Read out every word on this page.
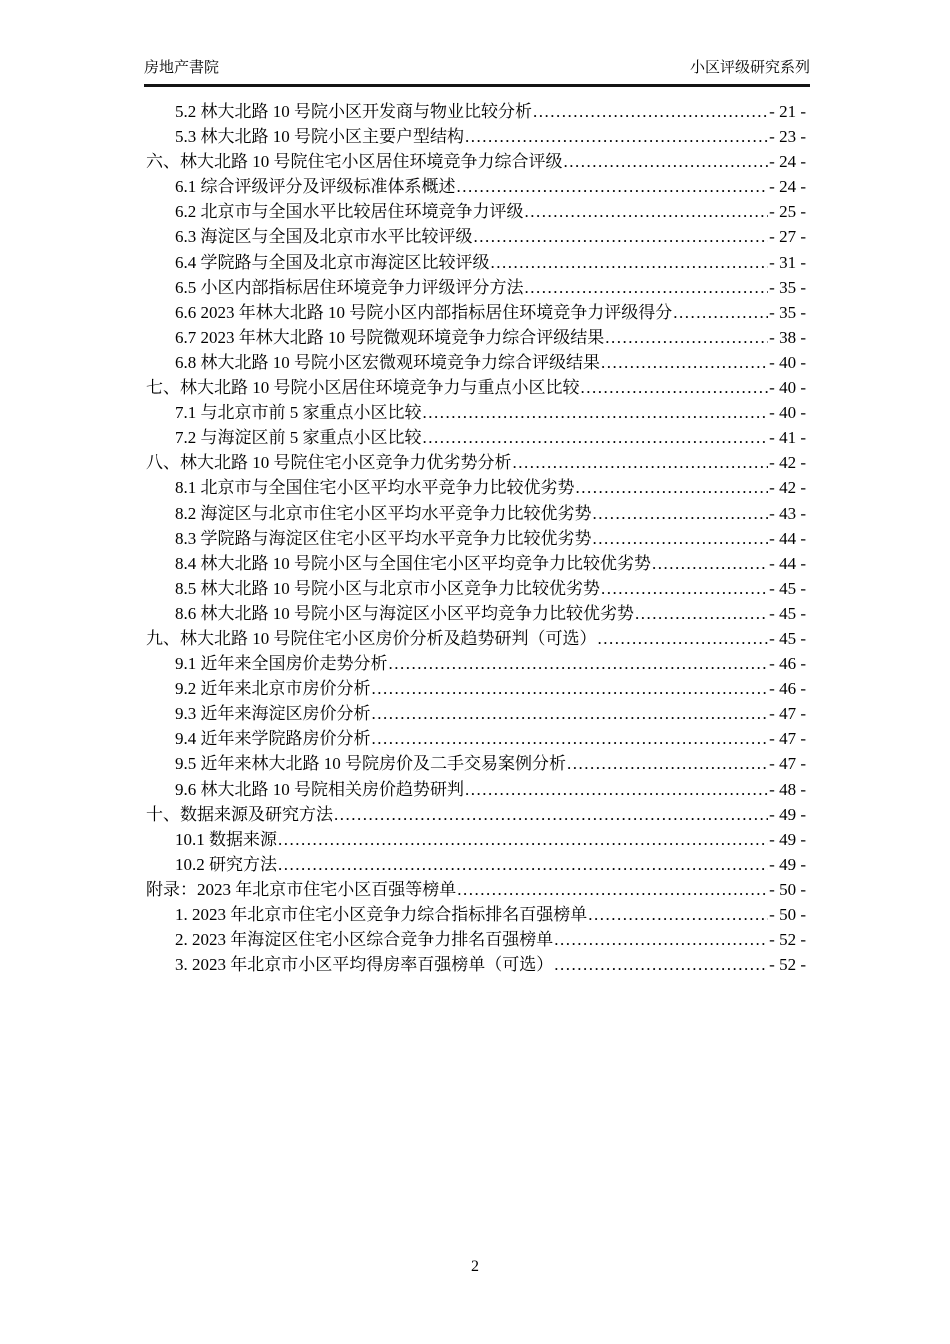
房地产書院	小区评级研究系列
5.2 林大北路 10 号院小区开发商与物业比较分析 .....	- 21 -
5.3 林大北路 10 号院小区主要户型结构 .....	- 23 -
六、林大北路 10 号院住宅小区居住环境竞争力综合评级 .....	- 24 -
6.1 综合评级评分及评级标准体系概述 .....	- 24 -
6.2 北京市与全国水平比较居住环境竞争力评级 .....	- 25 -
6.3 海淀区与全国及北京市水平比较评级 .....	- 27 -
6.4 学院路与全国及北京市海淀区比较评级 .....	- 31 -
6.5 小区内部指标居住环境竞争力评级评分方法 .....	- 35 -
6.6 2023 年林大北路 10 号院小区内部指标居住环境竞争力评级得分 .....	- 35 -
6.7 2023 年林大北路 10 号院微观环境竞争力综合评级结果 .....	- 38 -
6.8 林大北路 10 号院小区宏微观环境竞争力综合评级结果 .....	- 40 -
七、林大北路 10 号院小区居住环境竞争力与重点小区比较 .....	- 40 -
7.1 与北京市前 5 家重点小区比较 .....	- 40 -
7.2 与海淀区前 5 家重点小区比较 .....	- 41 -
八、林大北路 10 号院住宅小区竞争力优劣势分析 .....	- 42 -
8.1 北京市与全国住宅小区平均水平竞争力比较优劣势 .....	- 42 -
8.2 海淀区与北京市住宅小区平均水平竞争力比较优劣势 .....	- 43 -
8.3 学院路与海淀区住宅小区平均水平竞争力比较优劣势 .....	- 44 -
8.4 林大北路 10 号院小区与全国住宅小区平均竞争力比较优劣势 .....	- 44 -
8.5 林大北路 10 号院小区与北京市小区竞争力比较优劣势 .....	- 45 -
8.6 林大北路 10 号院小区与海淀区小区平均竞争力比较优劣势 .....	- 45 -
九、林大北路 10 号院住宅小区房价分析及趋势研判（可选） .....	- 45 -
9.1 近年来全国房价走势分析 .....	- 46 -
9.2 近年来北京市房价分析 .....	- 46 -
9.3 近年来海淀区房价分析 .....	- 47 -
9.4 近年来学院路房价分析 .....	- 47 -
9.5 近年来林大北路 10 号院房价及二手交易案例分析 .....	- 47 -
9.6 林大北路 10 号院相关房价趋势研判 .....	- 48 -
十、数据来源及研究方法 .....	- 49 -
10.1 数据来源 .....	- 49 -
10.2 研究方法 .....	- 49 -
附录：2023 年北京市住宅小区百强等榜单 .....	- 50 -
1. 2023 年北京市住宅小区竞争力综合指标排名百强榜单 .....	- 50 -
2. 2023 年海淀区住宅小区综合竞争力排名百强榜单 .....	- 52 -
3. 2023 年北京市小区平均得房率百强榜单（可选） .....	- 52 -
2
